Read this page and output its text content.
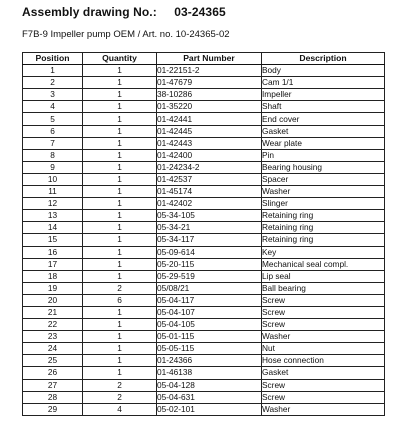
Assembly drawing No.: 03-24365
F7B-9 Impeller pump OEM / Art. no. 10-24365-02
Position	Quantity	Part Number	Description
1	1	01-22151-2	Body
2	1	01-47679	Cam 1/1
3	1	38-10286	Impeller
4	1	01-35220	Shaft
5	1	01-42441	End cover
6	1	01-42445	Gasket
7	1	01-42443	Wear plate
8	1	01-42400	Pin
9	1	01-24234-2	Bearing housing
10	1	01-42537	Spacer
11	1	01-45174	Washer
12	1	01-42402	Slinger
13	1	05-34-105	Retaining ring
14	1	05-34-21	Retaining ring
15	1	05-34-117	Retaining ring
16	1	05-09-614	Key
17	1	05-20-115	Mechanical seal compl.
18	1	05-29-519	Lip seal
19	2	05/08/21	Ball bearing
20	6	05-04-117	Screw
21	1	05-04-107	Screw
22	1	05-04-105	Screw
23	1	05-01-115	Washer
24	1	05-05-115	Nut
25	1	01-24366	Hose connection
26	1	01-46138	Gasket
27	2	05-04-128	Screw
28	2	05-04-631	Screw
29	4	05-02-101	Washer
